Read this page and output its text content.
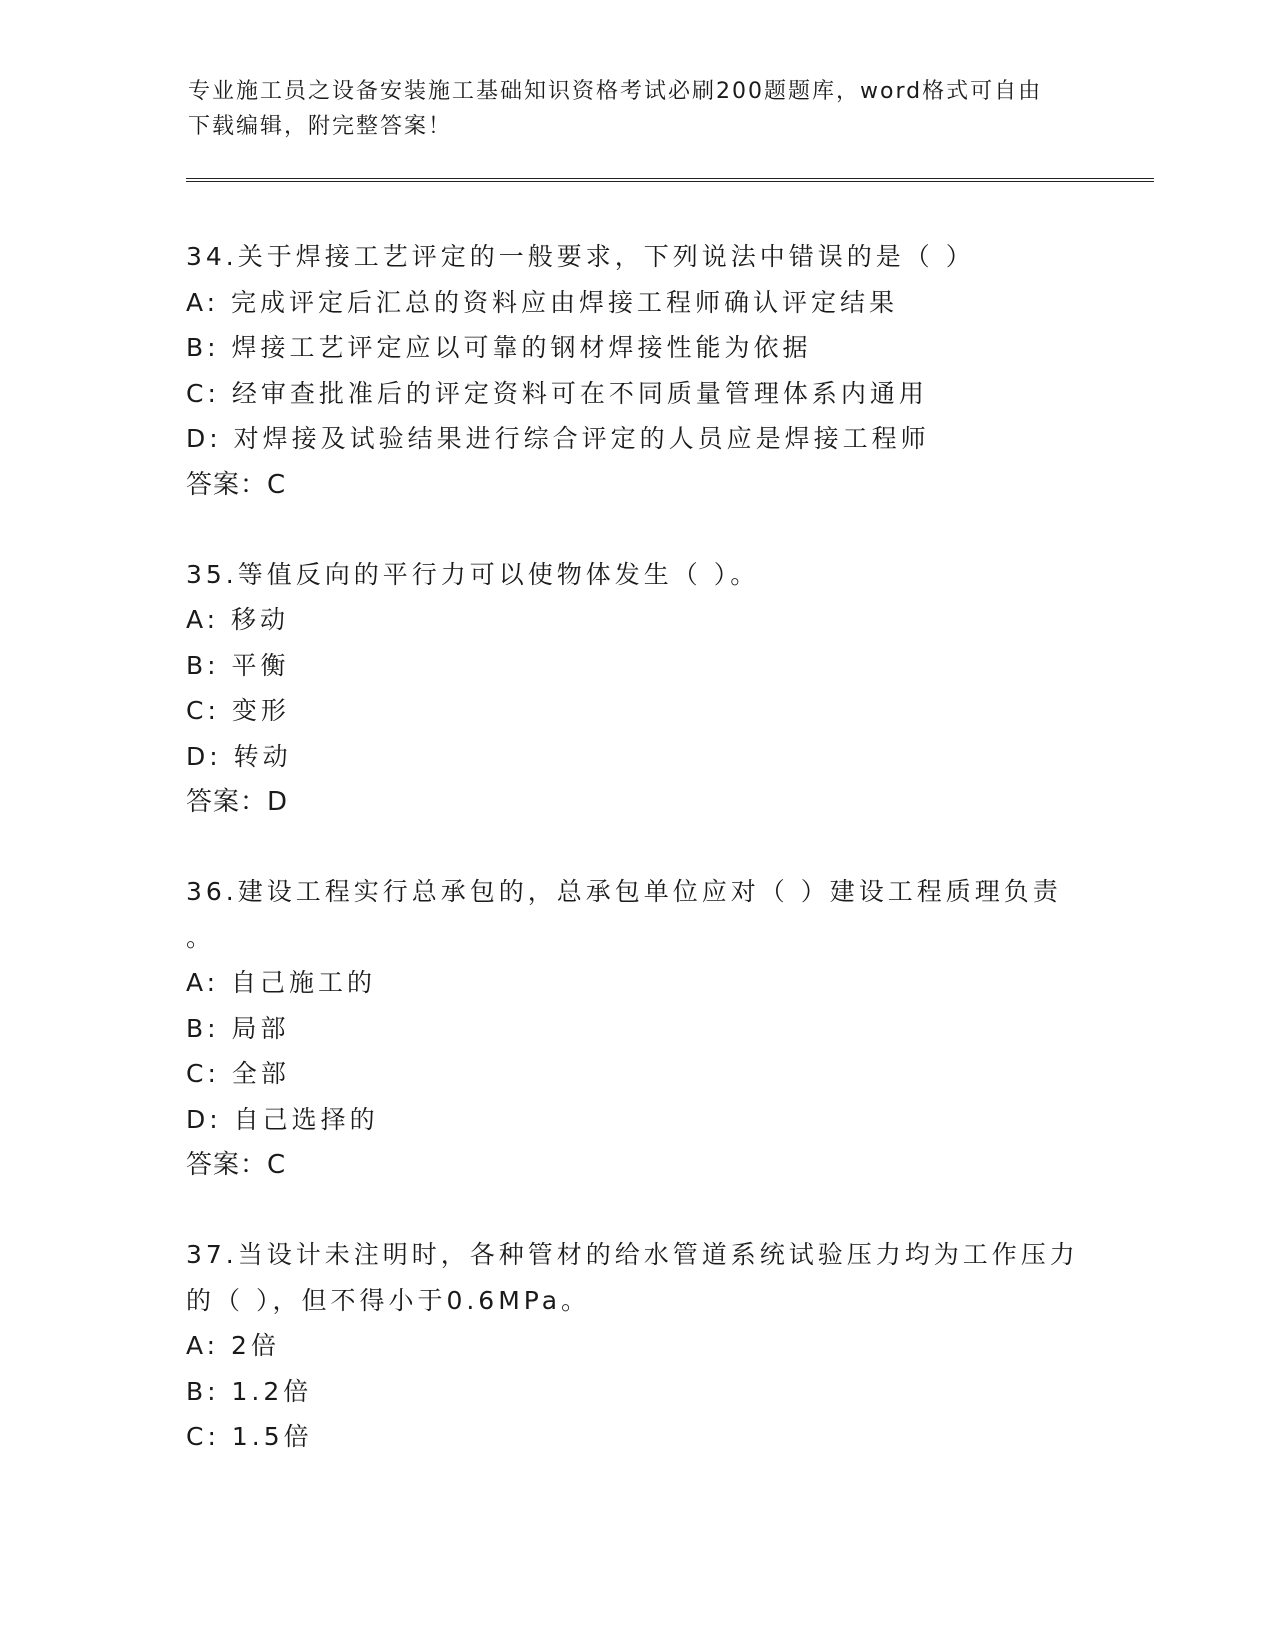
专业施工员之设备安装施工基础知识资格考试必刷200题题库，word格式可自由
下载编辑，附完整答案！
34.关于焊接工艺评定的一般要求，下列说法中错误的是（ ）
A: 完成评定后汇总的资料应由焊接工程师确认评定结果
B: 焊接工艺评定应以可靠的钢材焊接性能为依据
C: 经审查批准后的评定资料可在不同质量管理体系内通用
D: 对焊接及试验结果进行综合评定的人员应是焊接工程师
答案：C
35.等值反向的平行力可以使物体发生（ ）。
A: 移动
B: 平衡
C: 变形
D: 转动
答案：D
36.建设工程实行总承包的，总承包单位应对（ ）建设工程质理负责
。
A: 自己施工的
B: 局部
C: 全部
D: 自己选择的
答案：C
37.当设计未注明时，各种管材的给水管道系统试验压力均为工作压力
的（ ），但不得小于0.6MPa。
A: 2倍
B: 1.2倍
C: 1.5倍
